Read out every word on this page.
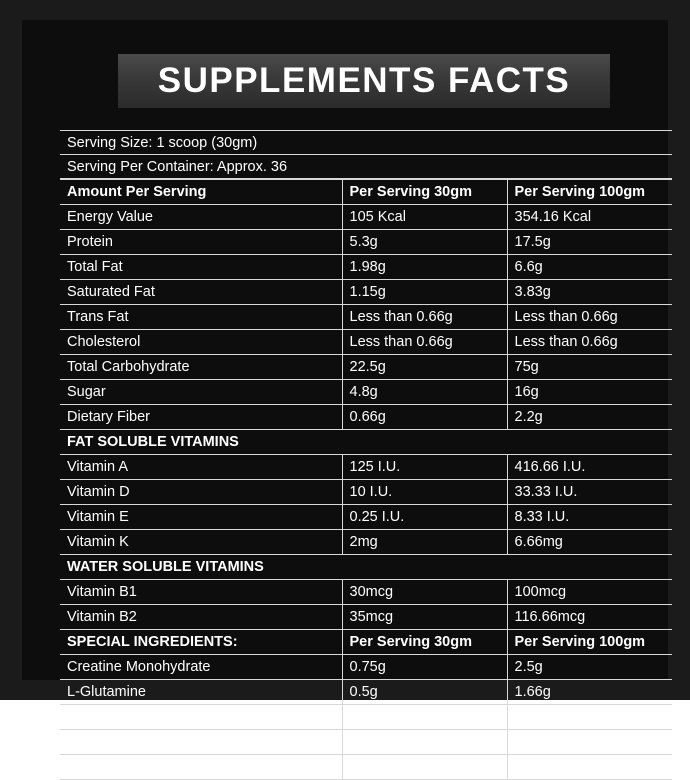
SUPPLEMENTS FACTS
Serving Size: 1 scoop (30gm)
Serving Per Container: Approx. 36
Amount Per Serving	Per Serving 30gm	Per Serving 100gm
Energy Value	105 Kcal	354.16 Kcal
Protein	5.3g	17.5g
Total Fat	1.98g	6.6g
Saturated Fat	1.15g	3.83g
Trans Fat	Less than 0.66g	Less than 0.66g
Cholesterol	Less than 0.66g	Less than 0.66g
Total Carbohydrate	22.5g	75g
Sugar	4.8g	16g
Dietary Fiber	0.66g	2.2g
FAT SOLUBLE VITAMINS		
Vitamin A	125 I.U.	416.66 I.U.
Vitamin D	10 I.U.	33.33 I.U.
Vitamin E	0.25 I.U.	8.33 I.U.
Vitamin K	2mg	6.66mg
WATER SOLUBLE VITAMINS		
Vitamin B1	30mcg	100mcg
Vitamin B2	35mcg	116.66mcg
SPECIAL INGREDIENTS:	Per Serving 30gm	Per Serving 100gm
Creatine Monohydrate	0.75g	2.5g
L-Glutamine	0.5g	1.66g
Leucine	0.25g	0.833g
Isoleucine	0.416g	0.416g
Valine	0.416g	0.416g
